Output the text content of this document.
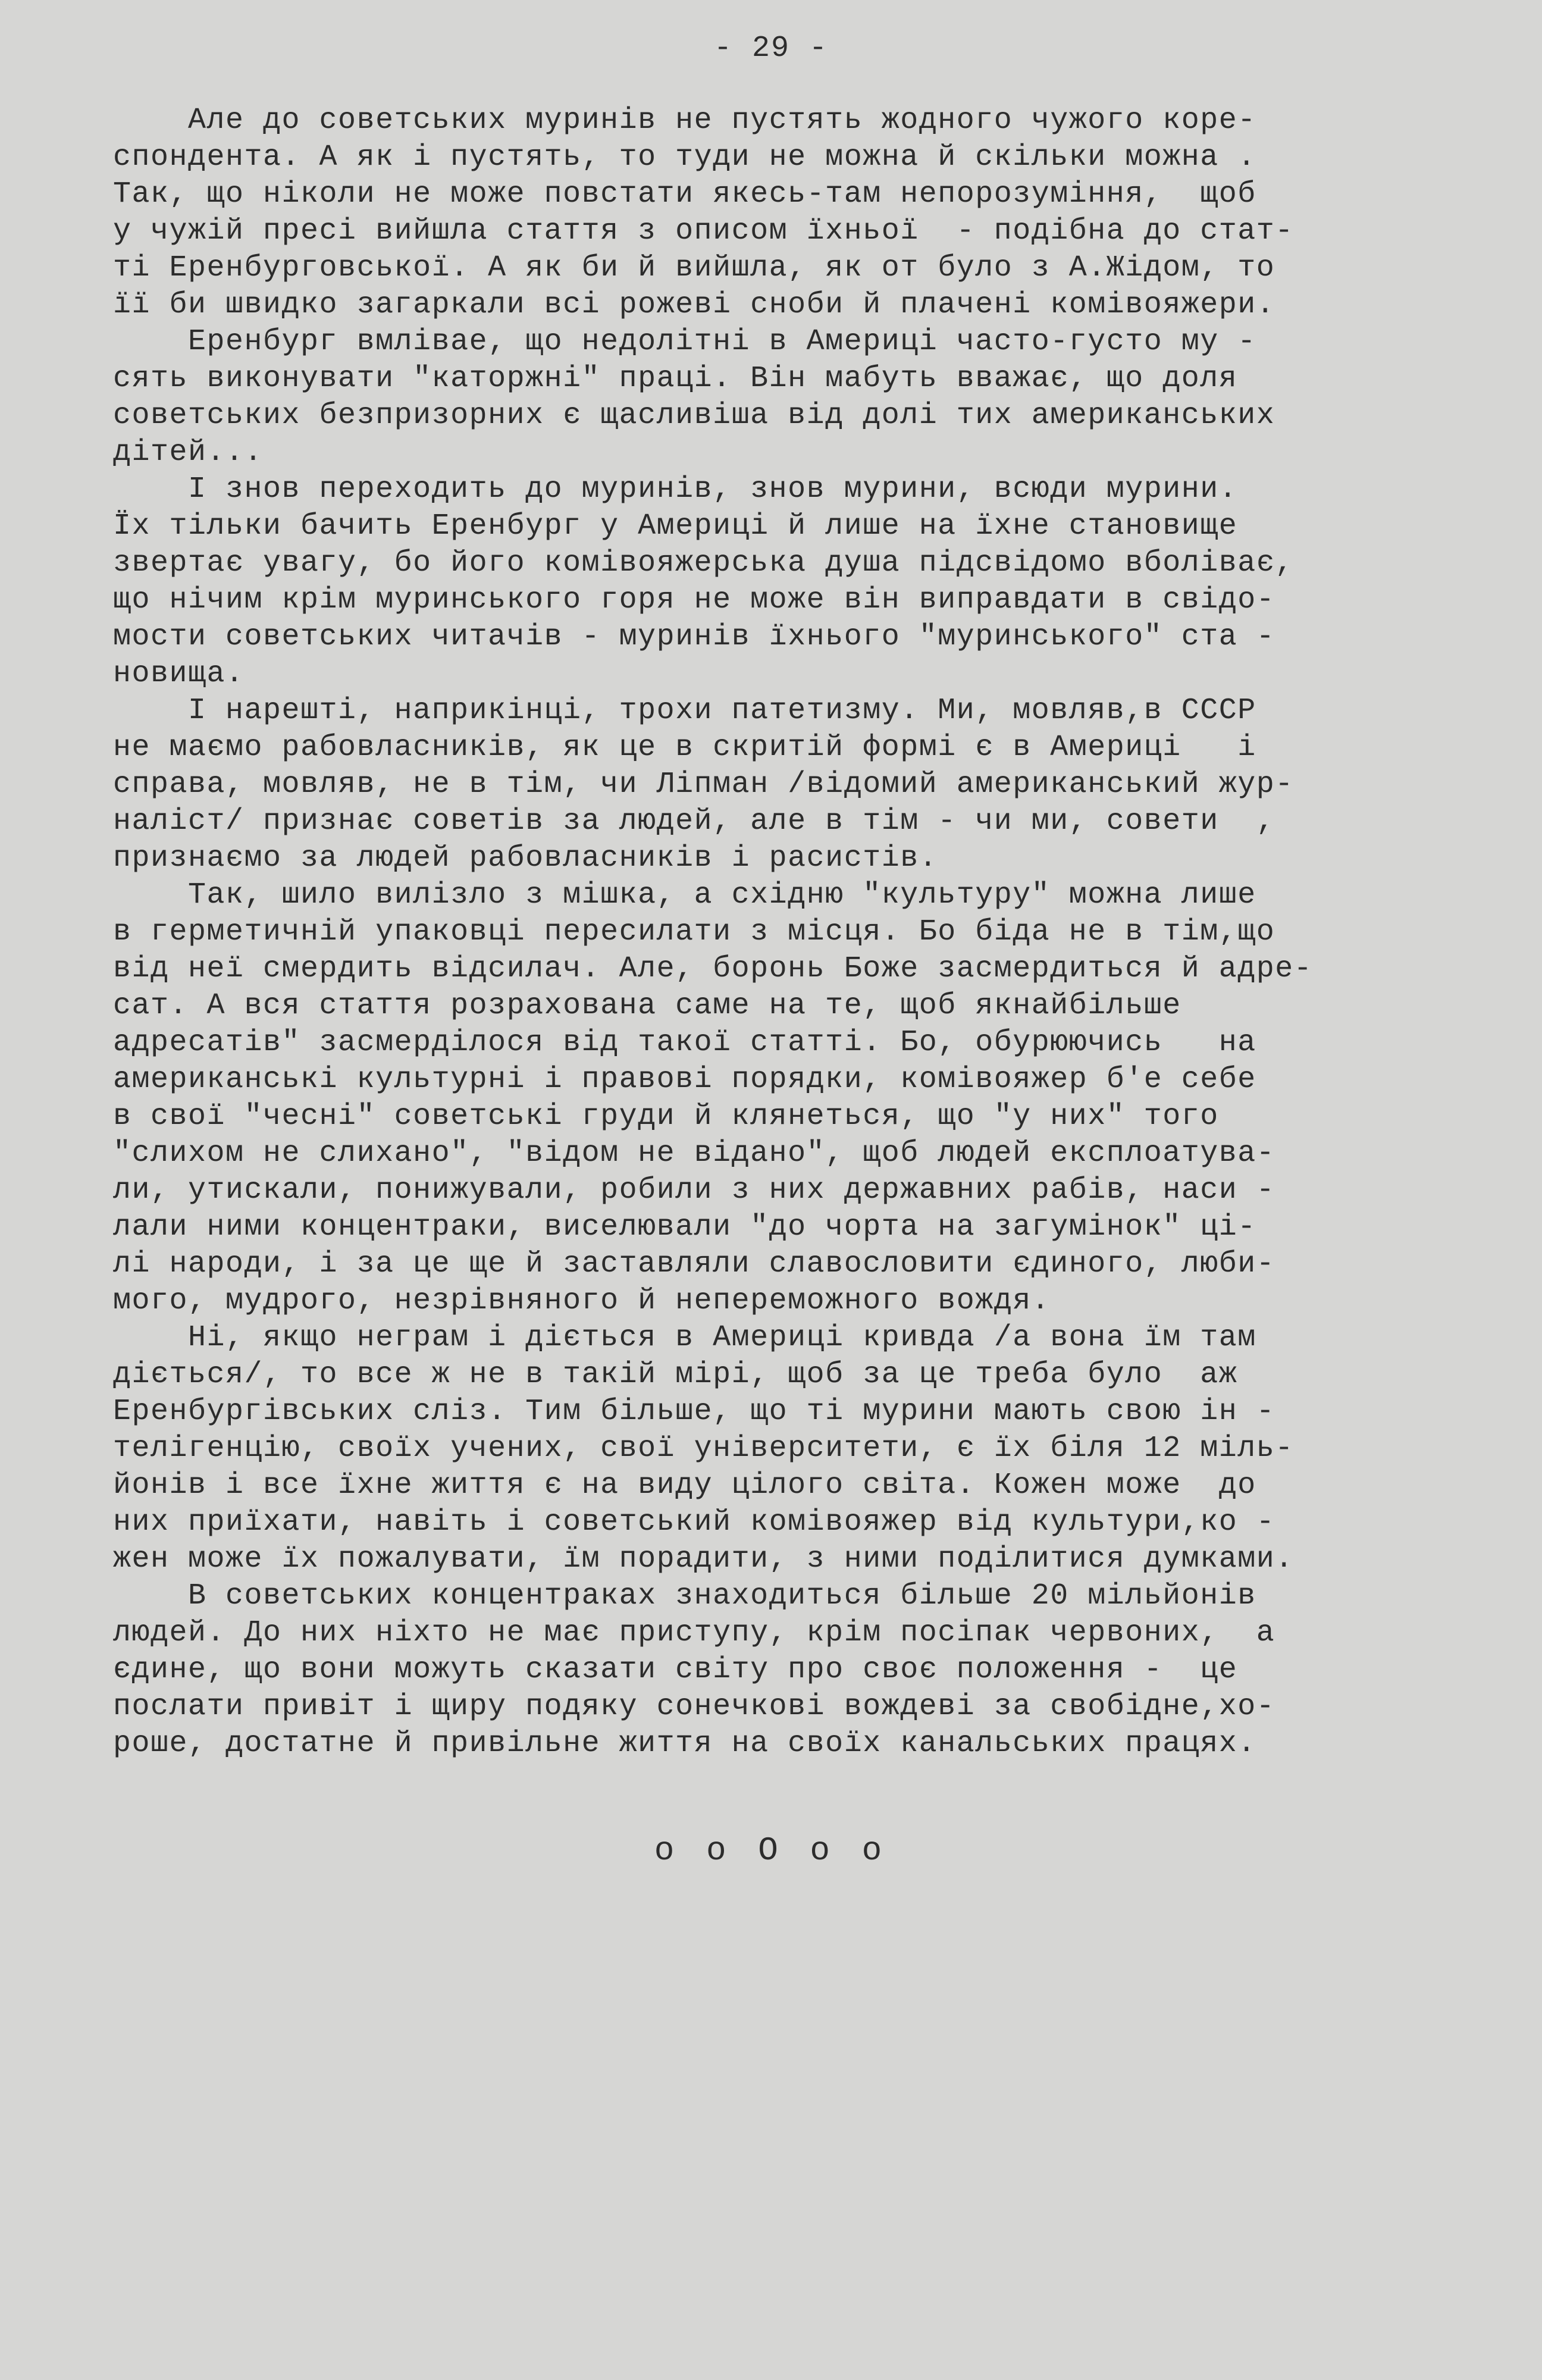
- 29 -
Але до советських муринів не пустять жодного чужого коре-
спондента. А як і пустять, то туди не можна й скільки можна .
Так, що ніколи не може повстати якесь-там непорозуміння,  щоб
у чужій пресі вийшла стаття з описом їхньої  - подібна до стат-
ті Еренбурговської. А як би й вийшла, як от було з А.Жідом, то
її би швидко загаркали всі рожеві сноби й плачені комівояжери.
Еренбург вмлівае, що недолітні в Америці часто-густо му -
сять виконувати "каторжні" праці. Він мабуть вважає, що доля
советських безпризорних є щасливіша від долі тих американських
дітей...
І знов переходить до муринів, знов мурини, всюди мурини.
Їх тільки бачить Еренбург у Америці й лише на їхне становище
звертає увагу, бо його комівояжерська душа підсвідомо вболіває,
що нічим крім муринського горя не може він виправдати в свідо-
мости советських читачів - муринів їхнього "муринського" ста -
новища.
І нарешті, наприкінці, трохи патетизму. Ми, мовляв,в СССР
не маємо рабовласників, як це в скритій формі є в Америці   і
справа, мовляв, не в тім, чи Ліпман /відомий американський жур-
наліст/ признає советів за людей, але в тім - чи ми, совети  ,
признаємо за людей рабовласників і расистів.
Так, шило вилізло з мішка, а східню "культуру" можна лише
в герметичній упаковці пересилати з місця. Бо біда не в тім,що
від неї смердить відсилач. Але, боронь Боже засмердиться й адре-
сат. А вся стаття розрахована саме на те, щоб якнайбільше
адресатів" засмерділося від такої статті. Бо, обурюючись   на
американські культурні і правові порядки, комівояжер б'е себе
в свої "чесні" советські груди й клянеться, що "у них" того
"слихом не слихано", "відом не відано", щоб людей експлоатува-
ли, утискали, понижували, робили з них державних рабів, наси -
лали ними концентраки, виселювали "до чорта на загумінок" ці-
лі народи, і за це ще й заставляли славословити єдиного, люби-
мого, мудрого, незрівняного й непереможного вождя.
Ні, якщо неграм і діється в Америці кривда /а вона їм там
діється/, то все ж не в такій мірі, щоб за це треба було  аж
Еренбургівських сліз. Тим більше, що ті мурини мають свою ін -
телігенцію, своїх учених, свої університети, є їх біля 12 міль-
йонів і все їхне життя є на виду цілого світа. Кожен може  до
них приїхати, навіть і советський комівояжер від культури,ко -
жен може їх пожалувати, їм порадити, з ними поділитися думками.
В советських концентраках знаходиться більше 20 мільйонів
людей. До них ніхто не має приступу, крім посіпак червоних,  а
єдине, що вони можуть сказати світу про своє положення -  це
послати привіт і щиру подяку сонечкові вождеві за свобідне,хо-
роше, достатне й привільне життя на своїх канальських працях.
o o O o o
